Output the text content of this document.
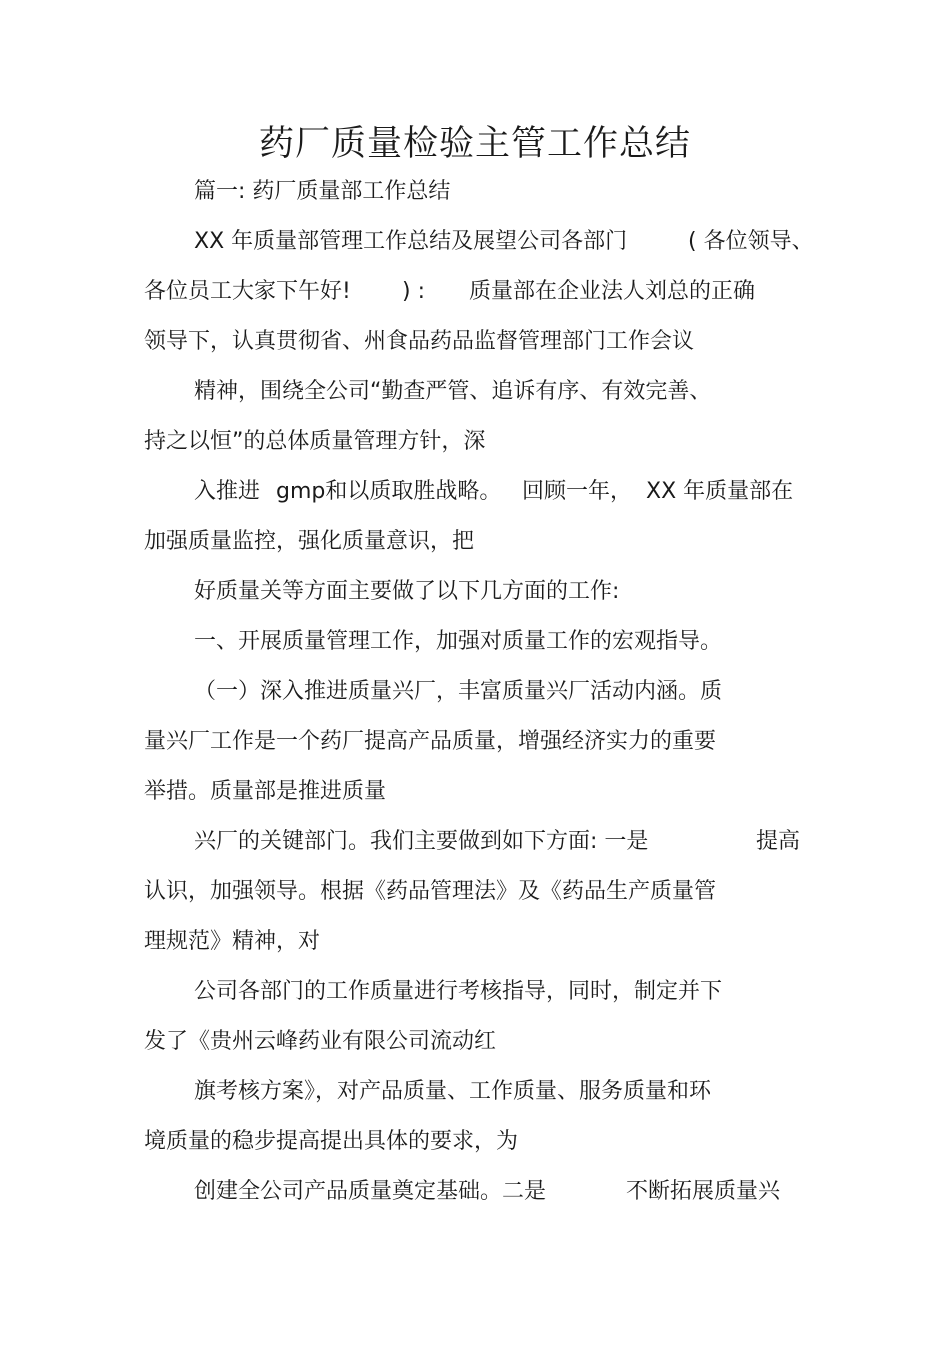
药厂质量检验主管工作总结
篇一: 药厂质量部工作总结
XX 年质量部管理工作总结及展望公司各部门	( 各位领导、
各位员工大家下午好! ) : 质量部在企业法人刘总的正确
领导下，认真贯彻省、州食品药品监督管理部门工作会议
精神，围绕全公司“勤查严管、追诉有序、有效完善、
持之以恒”的总体质量管理方针，深
入推进 gmp和以质取胜战略。 回顾一年， XX 年质量部在
加强质量监控，强化质量意识，把
好质量关等方面主要做了以下几方面的工作:
一、开展质量管理工作，加强对质量工作的宏观指导。
（一）深入推进质量兴厂，丰富质量兴厂活动内涵。质
量兴厂工作是一个药厂提高产品质量，增强经济实力的重要
举措。质量部是推进质量
兴厂的关键部门。我们主要做到如下方面: 一是	提高
认识，加强领导。根据《药品管理法》及《药品生产质量管
理规范》精神，对
公司各部门的工作质量进行考核指导，同时，制定并下
发了《贵州云峰药业有限公司流动红
旗考核方案》，对产品质量、工作质量、服务质量和环
境质量的稳步提高提出具体的要求，为
创建全公司产品质量奠定基础。二是	不断拓展质量兴
